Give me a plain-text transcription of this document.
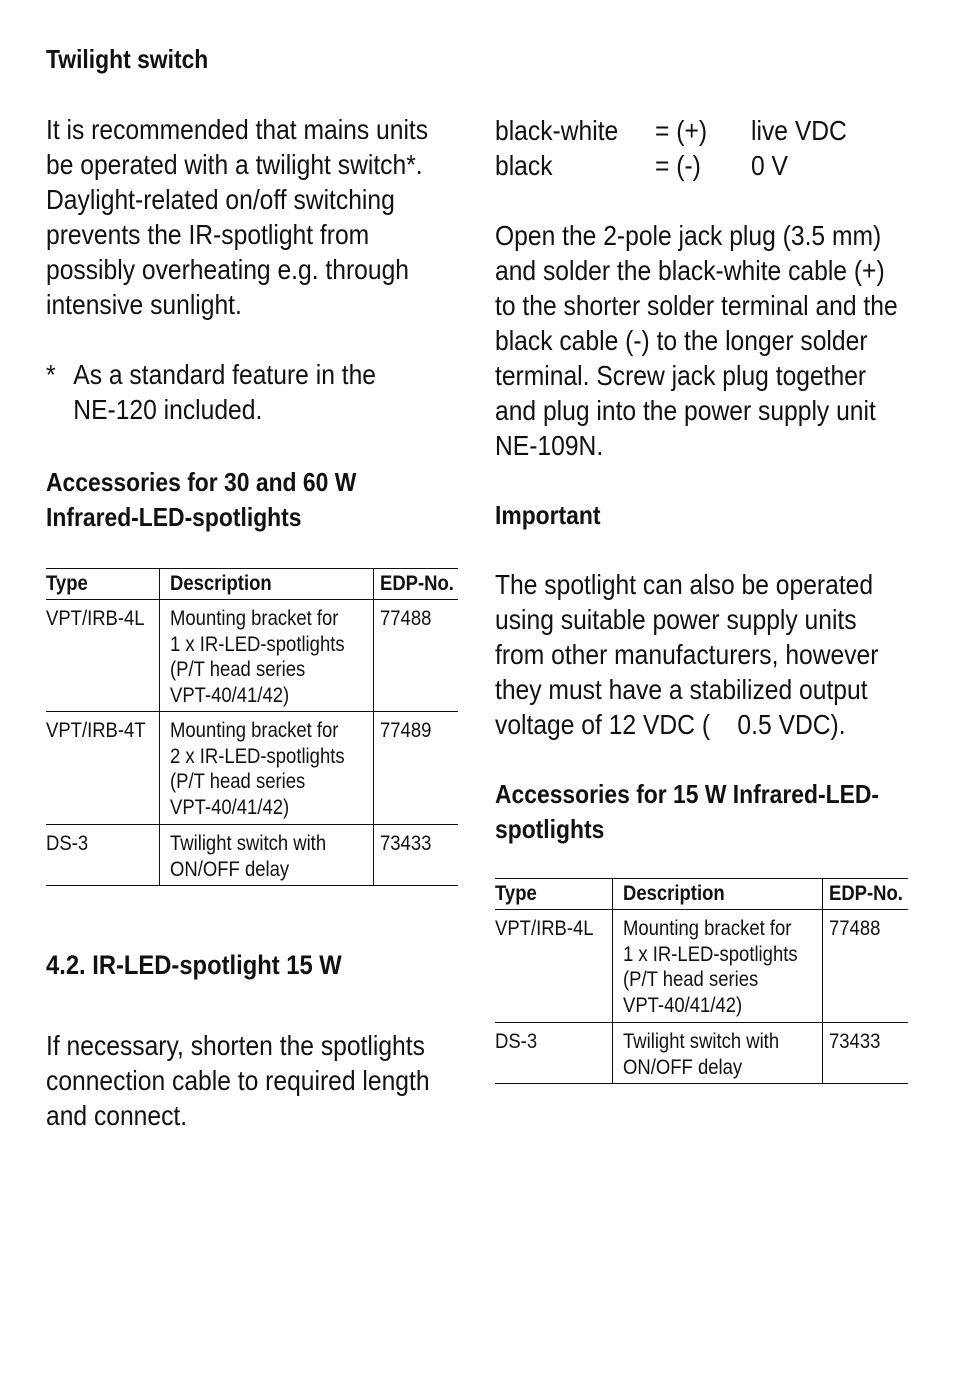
Twilight switch

It is recommended that mains units
be operated with a twilight switch*.
Daylight-related on/off switching
prevents the IR-spotlight from
possibly overheating e.g. through
intensive sunlight.

* As a standard feature in the
NE-120 included.
Accessories for 30 and 60 W
Infrared-LED-spotlights
Type	Description	EDP-No.

VPT/IRB-4L	Mounting bracket for
1 x IR-LED-spotlights
(P/T head series
VPT-40/41/42)	77488

VPT/IRB-4T	Mounting bracket for
2 x IR-LED-spotlights
(P/T head series
VPT-40/41/42)	77489

DS-3	Twilight switch with
ON/OFF delay	73433
4.2. IR-LED-spotlight 15 W

If necessary, shorten the spotlights
connection cable to required length
and connect.

black-white = (+) live VDC
black	= (-) 0 V

Open the 2-pole jack plug (3.5 mm)
and solder the black-white cable (+)
to the shorter solder terminal and the
black cable (-) to the longer solder
terminal. Screw jack plug together
and plug into the power supply unit
NE-109N.

Important

The spotlight can also be operated
using suitable power supply units
from other manufacturers, however
they must have a stabilized output
voltage of 12 VDC (    0.5 VDC).

Accessories for 15 W Infrared-LED-
spotlights
Type	Description	EDP-No.

VPT/IRB-4L	Mounting bracket for
1 x IR-LED-spotlights
(P/T head series
VPT-40/41/42)	77488

DS-3	Twilight switch with
ON/OFF delay	73433
